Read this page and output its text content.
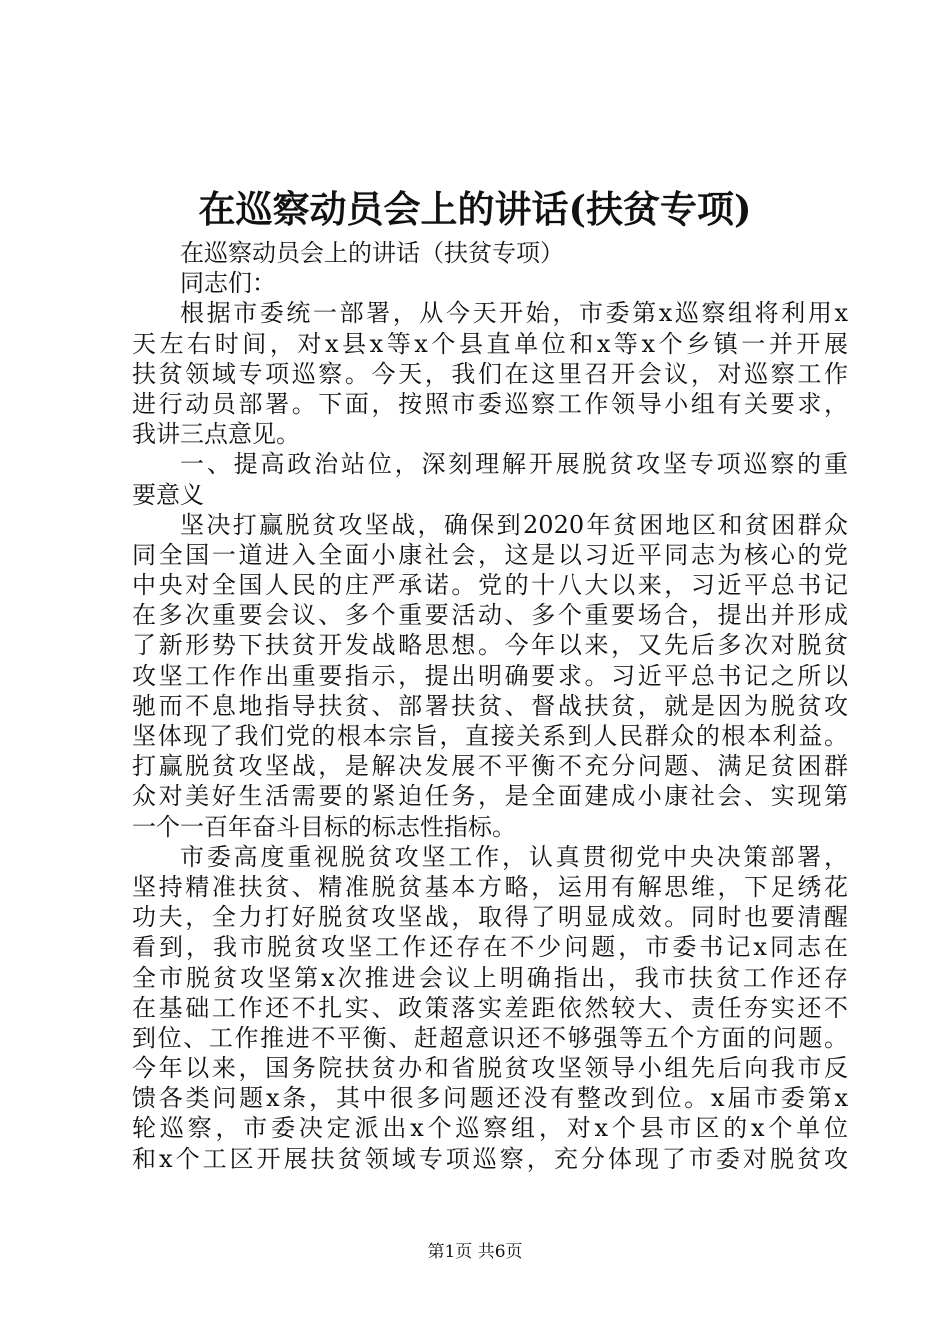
在巡察动员会上的讲话(扶贫专项)
在巡察动员会上的讲话（扶贫专项）
同志们：
根据市委统一部署，从今天开始，市委第x巡察组将利用x
天左右时间，对x县x等x个县直单位和x等x个乡镇一并开展
扶贫领域专项巡察。今天，我们在这里召开会议，对巡察工作
进行动员部署。下面，按照市委巡察工作领导小组有关要求，
我讲三点意见。
一、提高政治站位，深刻理解开展脱贫攻坚专项巡察的重
要意义
坚决打赢脱贫攻坚战，确保到2020年贫困地区和贫困群众
同全国一道进入全面小康社会，这是以习近平同志为核心的党
中央对全国人民的庄严承诺。党的十八大以来，习近平总书记
在多次重要会议、多个重要活动、多个重要场合，提出并形成
了新形势下扶贫开发战略思想。今年以来，又先后多次对脱贫
攻坚工作作出重要指示，提出明确要求。习近平总书记之所以
驰而不息地指导扶贫、部署扶贫、督战扶贫，就是因为脱贫攻
坚体现了我们党的根本宗旨，直接关系到人民群众的根本利益。
打赢脱贫攻坚战，是解决发展不平衡不充分问题、满足贫困群
众对美好生活需要的紧迫任务，是全面建成小康社会、实现第
一个一百年奋斗目标的标志性指标。
市委高度重视脱贫攻坚工作，认真贯彻党中央决策部署，
坚持精准扶贫、精准脱贫基本方略，运用有解思维，下足绣花
功夫，全力打好脱贫攻坚战，取得了明显成效。同时也要清醒
看到，我市脱贫攻坚工作还存在不少问题，市委书记x同志在
全市脱贫攻坚第x次推进会议上明确指出，我市扶贫工作还存
在基础工作还不扎实、政策落实差距依然较大、责任夯实还不
到位、工作推进不平衡、赶超意识还不够强等五个方面的问题。
今年以来，国务院扶贫办和省脱贫攻坚领导小组先后向我市反
馈各类问题x条，其中很多问题还没有整改到位。x届市委第x
轮巡察，市委决定派出x个巡察组，对x个县市区的x个单位
和x个工区开展扶贫领域专项巡察，充分体现了市委对脱贫攻
第1页 共6页
